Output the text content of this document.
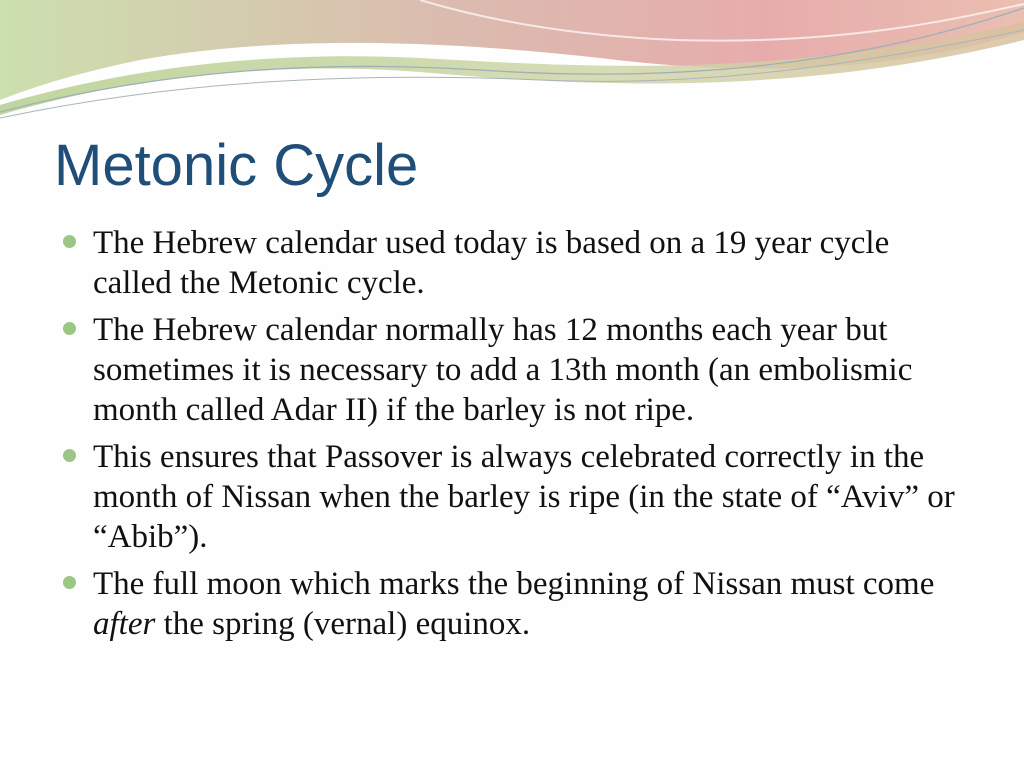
Metonic Cycle
The Hebrew calendar used today is based on a 19 year cycle called the Metonic cycle.
The Hebrew calendar normally has 12 months each year but sometimes it is necessary to add a 13th month (an embolismic month called Adar II) if the barley is not ripe.
This ensures that Passover is always celebrated correctly in the month of Nissan when the barley is ripe (in the state of “Aviv” or “Abib”).
The full moon which marks the beginning of Nissan must come after the spring (vernal) equinox.
